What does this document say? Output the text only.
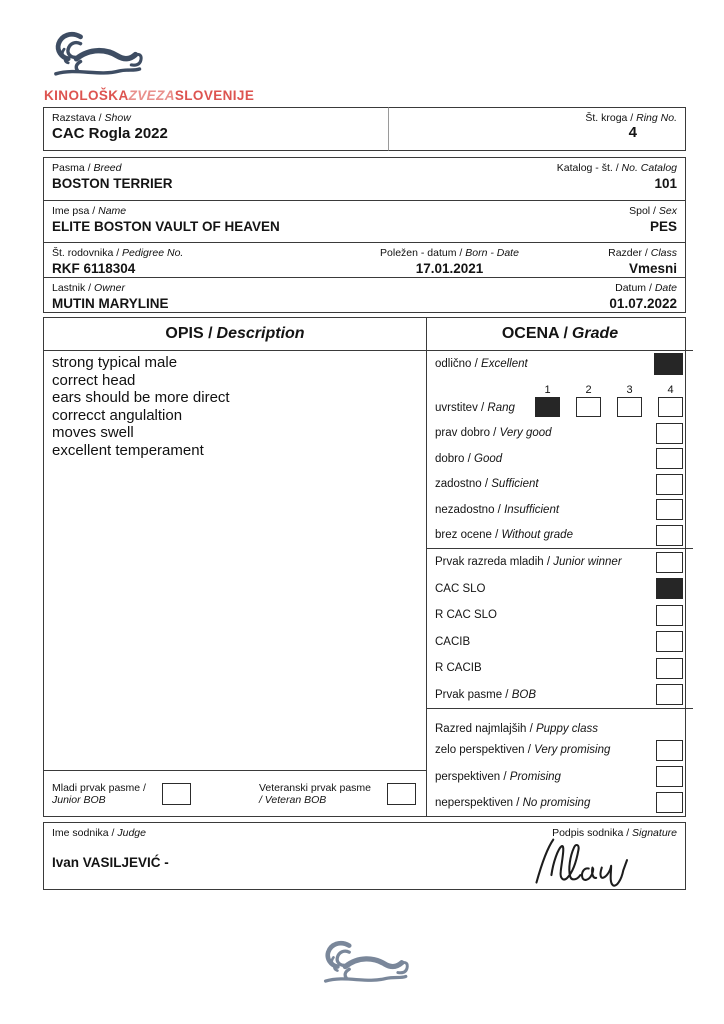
KINOLOŠKAZVEZASLOVENIJE
Razstava / Show
CAC Rogla 2022
Št. kroga / Ring No.
4
Pasma / Breed
BOSTON TERRIER
Katalog - št. / No. Catalog
101
Ime psa / Name
ELITE BOSTON VAULT OF HEAVEN
Spol / Sex
PES
Št. rodovnika / Pedigree No.
RKF 6118304
Poležen - datum / Born - Date
17.01.2021
Razder / Class
Vmesni
Lastnik / Owner
MUTIN MARYLINE
Datum / Date
01.07.2022
OPIS / Description
strong typical male
correct head
ears should be more direct
correcct angulaltion
moves swell
excellent temperament
Mladi prvak pasme /
Junior BOB
Veteranski prvak pasme
/ Veteran BOB
OCENA / Grade
odlično / Excellent
uvrstitev / Rang
1	2	3	4
prav dobro / Very good
dobro / Good
zadostno / Sufficient
nezadostno / Insufficient
brez ocene / Without grade
Prvak razreda mladih / Junior winner
CAC SLO
R CAC SLO
CACIB
R CACIB
Prvak pasme / BOB
Razred najmlajših / Puppy class
zelo perspektiven / Very promising
perspektiven / Promising
neperspektiven / No promising
Ime sodnika / Judge	Podpis sodnika / Signature
Ivan VASILJEVIĆ -
